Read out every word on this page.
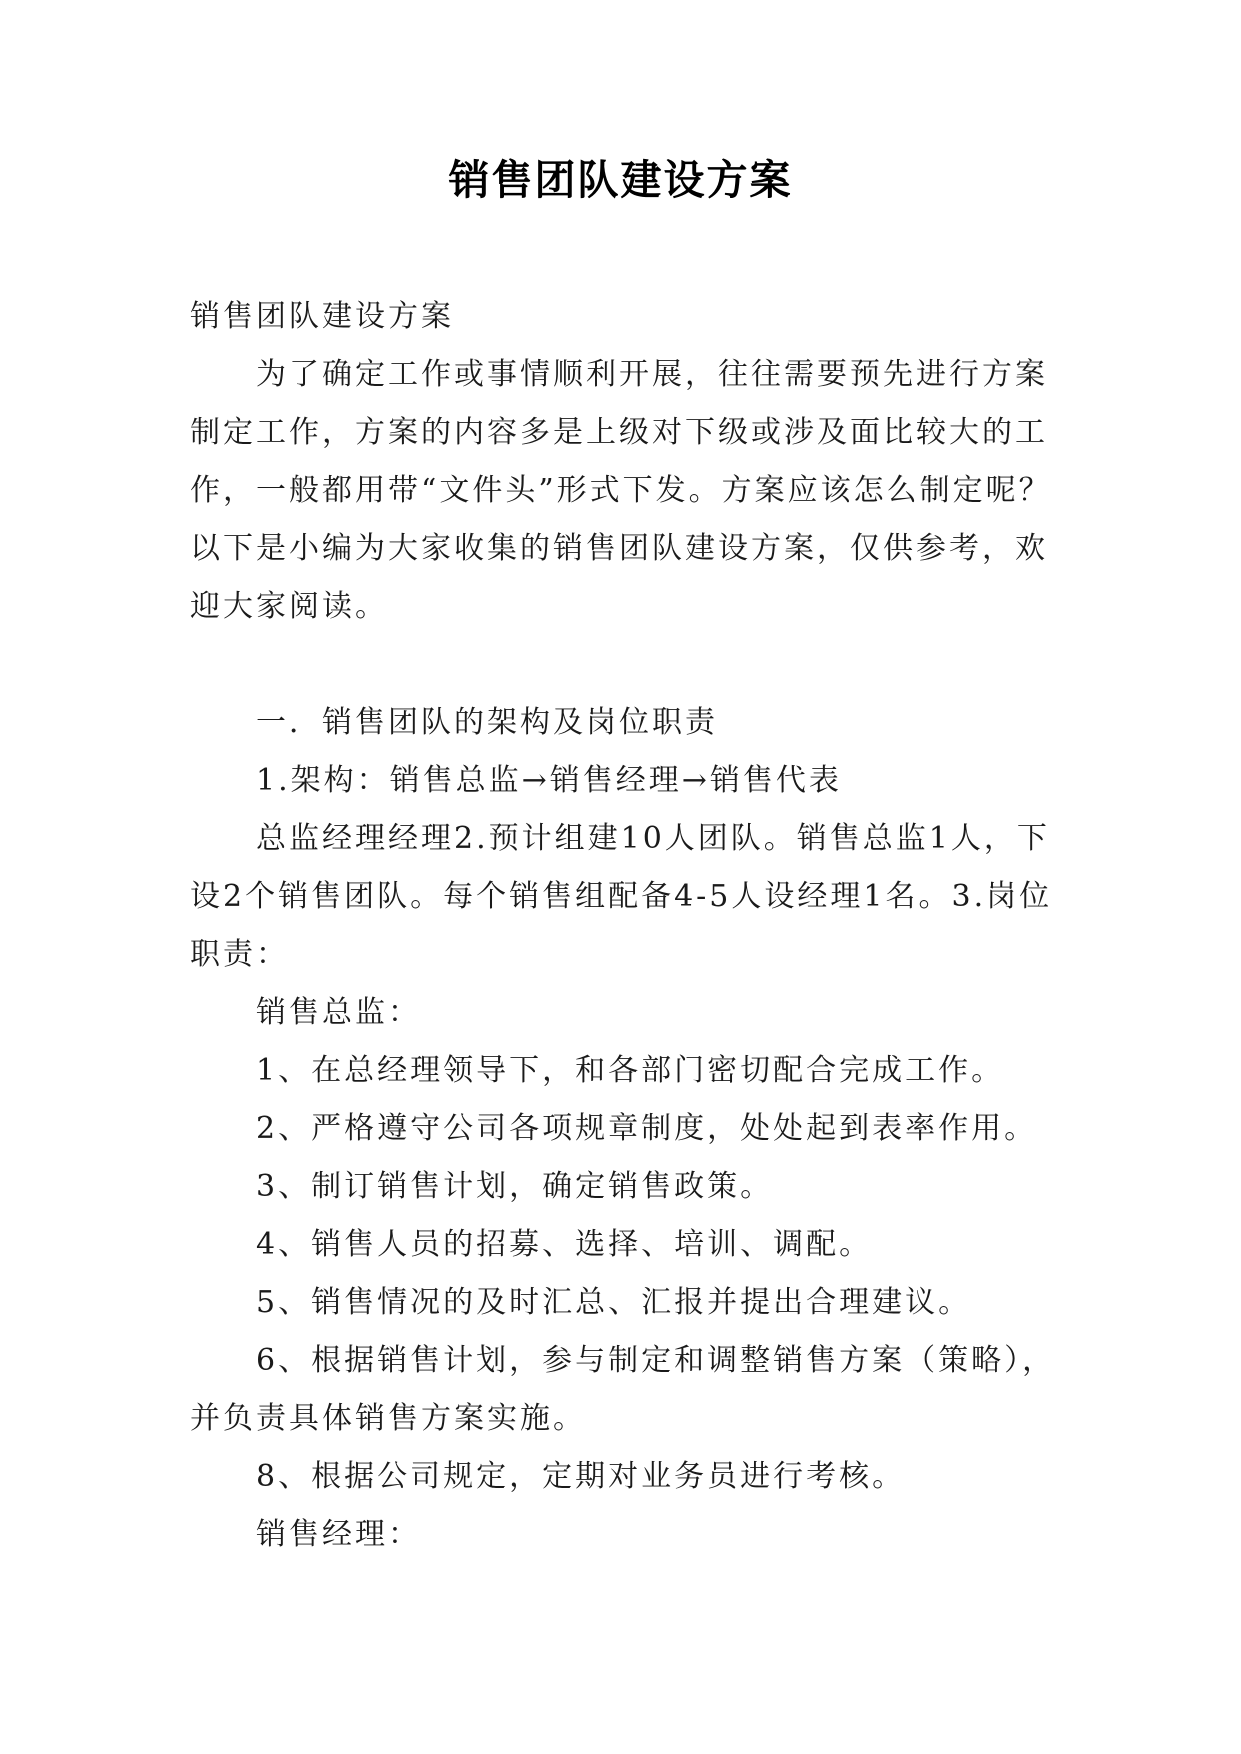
销售团队建设方案

销售团队建设方案

为了确定工作或事情顺利开展，往往需要预先进行方案制定工作，方案的内容多是上级对下级或涉及面比较大的工作，一般都用带“文件头”形式下发。方案应该怎么制定呢？以下是小编为大家收集的销售团队建设方案，仅供参考，欢迎大家阅读。

一．销售团队的架构及岗位职责

1.架构：销售总监→销售经理→销售代表

总监经理经理2.预计组建10人团队。销售总监1人，下设2个销售团队。每个销售组配备4-5人设经理1名。3.岗位职责：

销售总监：

1、在总经理领导下，和各部门密切配合完成工作。

2、严格遵守公司各项规章制度，处处起到表率作用。

3、制订销售计划，确定销售政策。

4、销售人员的招募、选择、培训、调配。

5、销售情况的及时汇总、汇报并提出合理建议。

6、根据销售计划，参与制定和调整销售方案（策略），并负责具体销售方案实施。

8、根据公司规定，定期对业务员进行考核。

销售经理：
